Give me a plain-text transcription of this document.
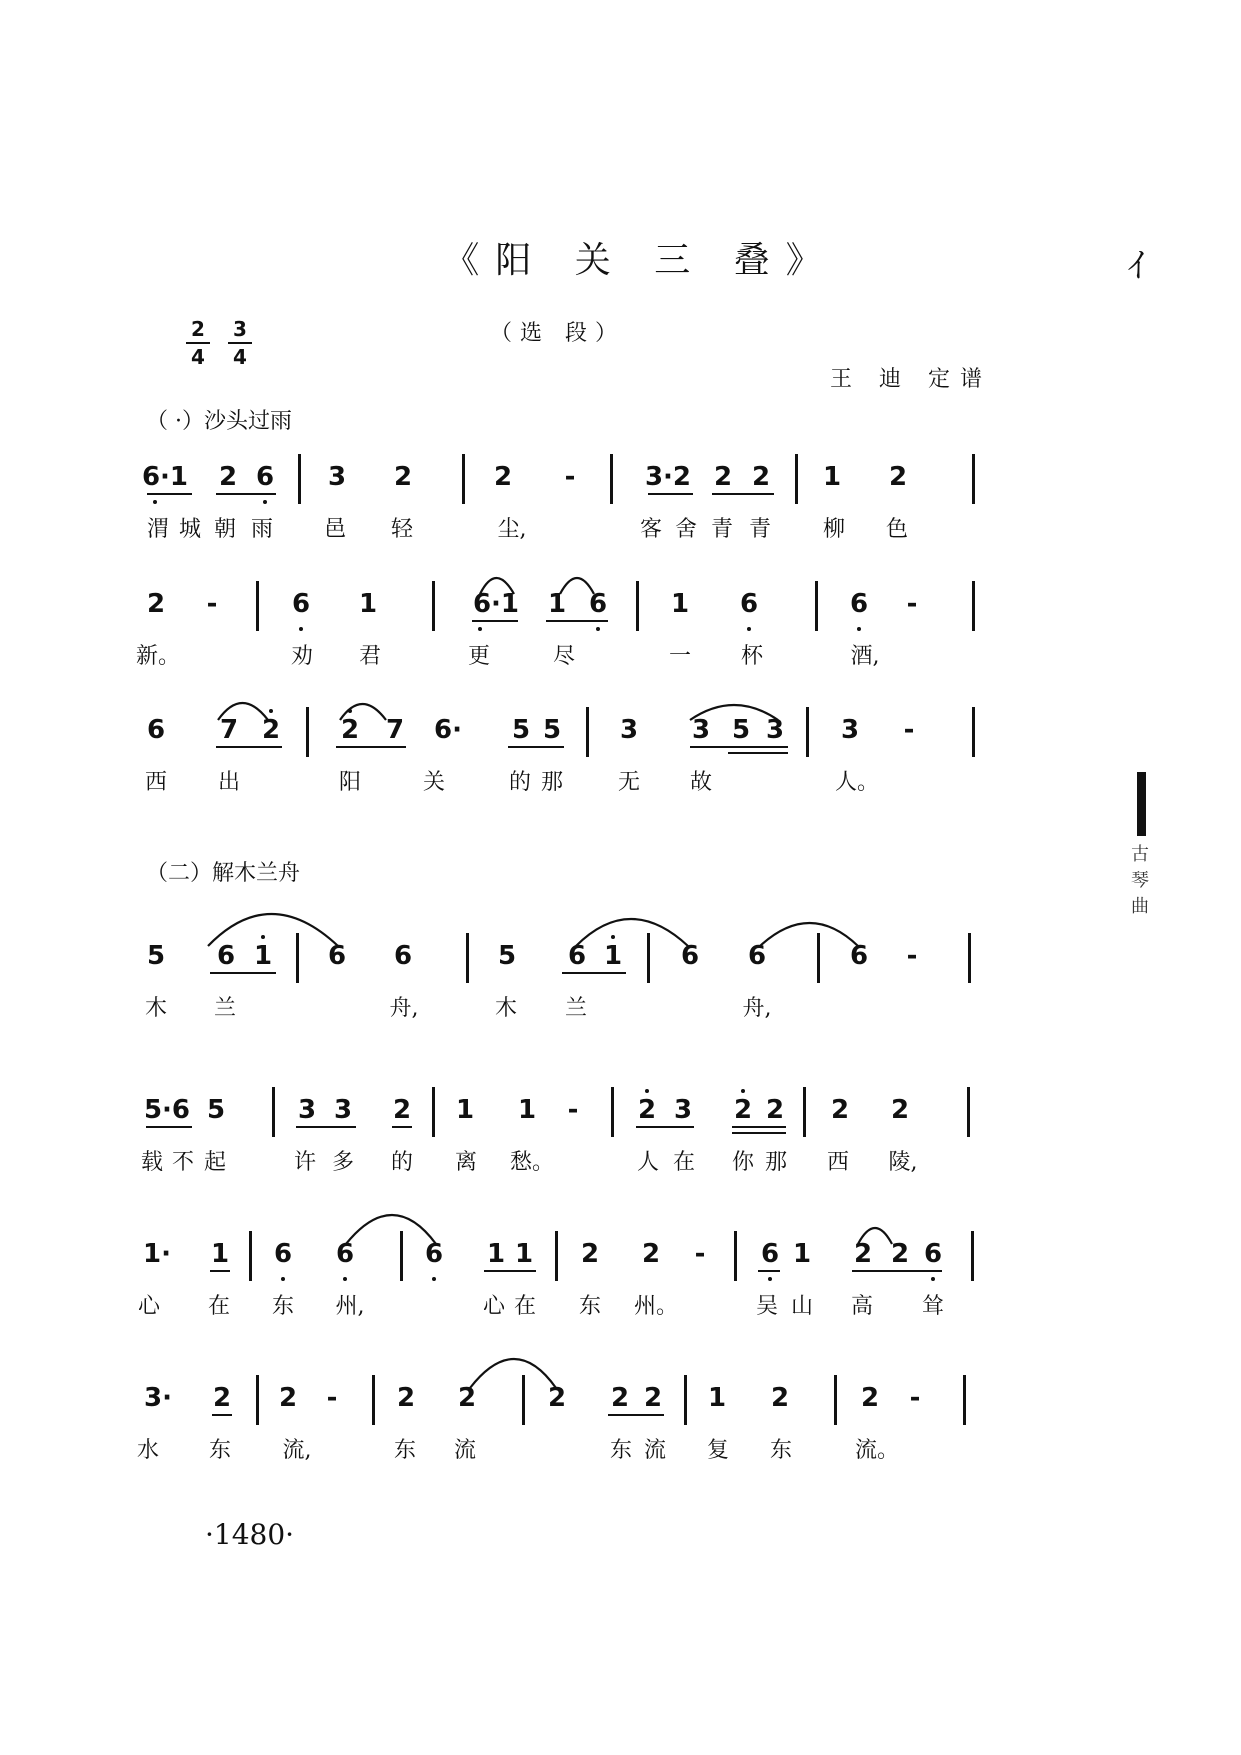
《阳 关 三 叠》
（选 段）
$\frac{2}{4} \frac{3}{4}$
王 迪 定谱
（ ·）沙头过雨
（二）解木兰舟
ｲ
古琴曲
6·1 2 6 3 2	2 -	3·2 2 2 1 2
渭 城 朝 雨 邑 轻	尘,	客 舍 青 青 柳 色
2 -	6 1	6·1 1 6 1 6	6 -
新。	劝 君	更	尽	一 杯	酒,
6 7 2 2 7 6· 5 5 3 3 5 3 3 -
西 出	阳	关	的 那 无 故	人。
5 6 1 6 6	5 6 1 6 6	6 -
木 兰	舟,	木 兰	舟,
5·6 5	3 3 2 1 1 - 2 3 2 2 2 2
载 不 起	许 多 的 离 愁。	人 在 你 那 西 陵,
1· 1 6 6	6 1 1 2 2 - 6 1 2 2 6
心 在 东 州,	心 在 东 州。	吴 山 高 耸
3· 2 2 - 2 2	2 2 2 1 2	2 -
水 东 流,	东 流	东 流 复 东	流。
·1480·
